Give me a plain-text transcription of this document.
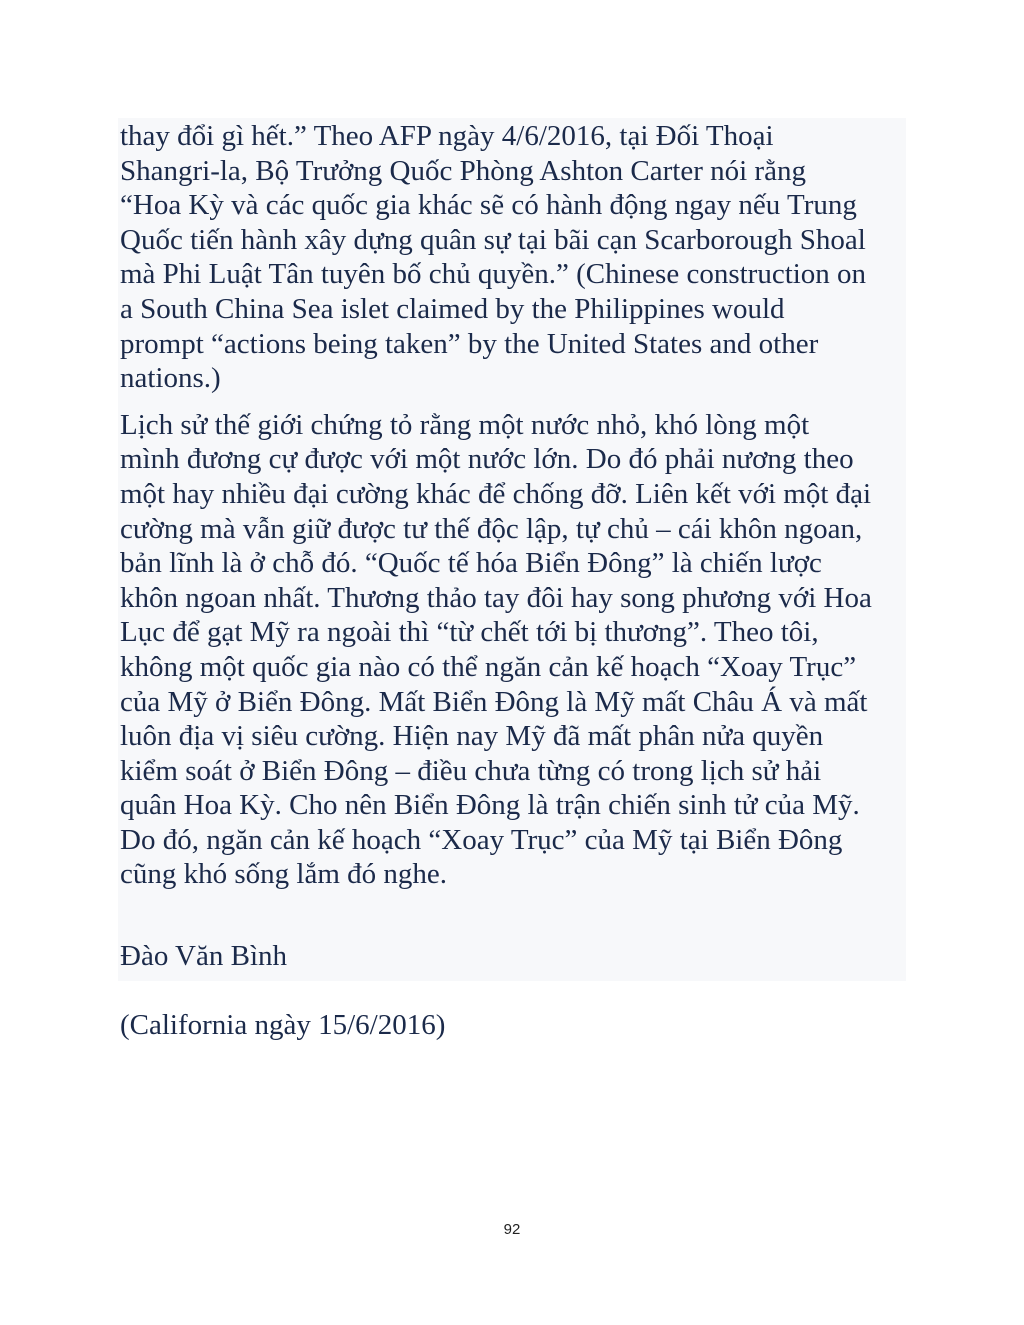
thay đổi gì hết.” Theo AFP ngày 4/6/2016, tại Đối Thoại
Shangri-la, Bộ Trưởng Quốc Phòng Ashton Carter nói rằng
“Hoa Kỳ và các quốc gia khác sẽ có hành động ngay nếu Trung
Quốc tiến hành xây dựng quân sự tại bãi cạn Scarborough Shoal
mà Phi Luật Tân tuyên bố chủ quyền.” (Chinese construction on
a South China Sea islet claimed by the Philippines would
prompt “actions being taken” by the United States and other
nations.)

Lịch sử thế giới chứng tỏ rằng một nước nhỏ, khó lòng một
mình đương cự được với một nước lớn. Do đó phải nương theo
một hay nhiều đại cường khác để chống đỡ. Liên kết với một đại
cường mà vẫn giữ được tư thế độc lập, tự chủ – cái khôn ngoan,
bản lĩnh là ở chỗ đó. “Quốc tế hóa Biển Đông” là chiến lược
khôn ngoan nhất. Thương thảo tay đôi hay song phương với Hoa
Lục để gạt Mỹ ra ngoài thì “từ chết tới bị thương”. Theo tôi,
không một quốc gia nào có thể ngăn cản kế hoạch “Xoay Trục”
của Mỹ ở Biển Đông. Mất Biển Đông là Mỹ mất Châu Á và mất
luôn địa vị siêu cường. Hiện nay Mỹ đã mất phân nửa quyền
kiểm soát ở Biển Đông – điều chưa từng có trong lịch sử hải
quân Hoa Kỳ. Cho nên Biển Đông là trận chiến sinh tử của Mỹ.
Do đó, ngăn cản kế hoạch “Xoay Trục” của Mỹ tại Biển Đông
cũng khó sống lắm đó nghe.

Đào Văn Bình

(California ngày 15/6/2016)

92
